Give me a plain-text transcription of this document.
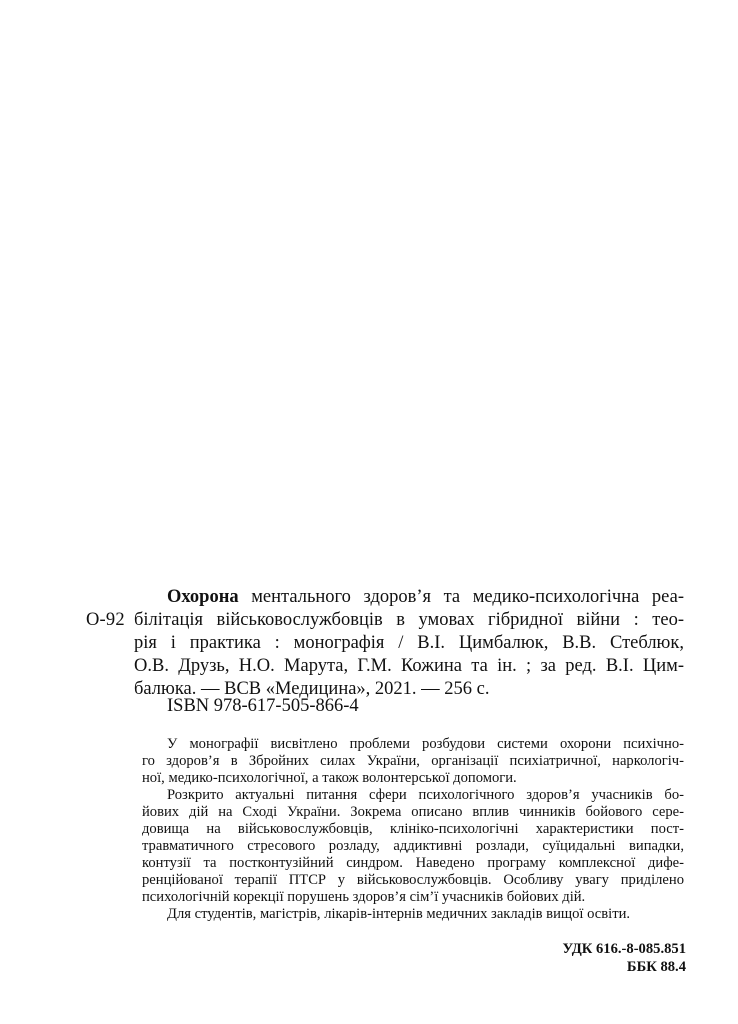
О-92
Охорона ментального здоров’я та медико-психологічна реа-
білітація військовослужбовців в умовах гібридної війни : тео-
рія і практика : монографія / В.І. Цимбалюк, В.В. Стеблюк,
О.В. Друзь, Н.О. Марута, Г.М. Кожина та ін. ; за ред. В.І. Цим-
балюка. — ВСВ «Медицина», 2021. — 256 с.
ISBN 978-617-505-866-4
У монографії висвітлено проблеми розбудови системи охорони психічно-
го здоров’я в Збройних силах України, організації психіатричної, наркологіч-
ної, медико-психологічної, а також волонтерської допомоги.
Розкрито актуальні питання сфери психологічного здоров’я учасників бо-
йових дій на Сході України. Зокрема описано вплив чинників бойового сере-
довища на військовослужбовців, клініко-психологічні характеристики пост-
травматичного стресового розладу, аддиктивні розлади, суїцидальні випадки,
контузії та постконтузійний синдром. Наведено програму комплексної дифе-
ренційованої терапії ПТСР у військовослужбовців. Особливу увагу приділено
психологічній корекції порушень здоров’я сім’ї учасників бойових дій.
Для студентів, магістрів, лікарів-інтернів медичних закладів вищої освіти.
УДК 616.-8-085.851
ББК 88.4
